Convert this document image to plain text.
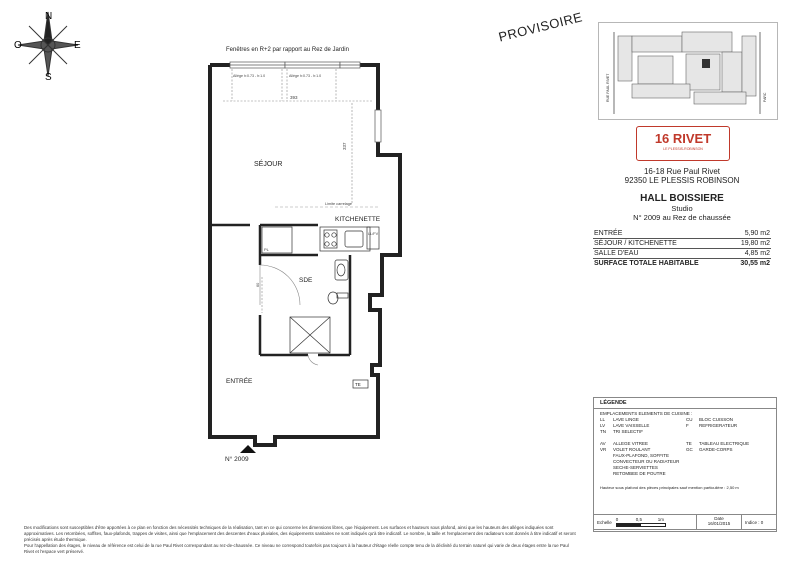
N
E
S
O
PROVISOIRE
Fenêtres en R+2 par rapport au Rez de Jardin
Allège h:0.73 - h:1.0	Allège h:0.73 - h:1.0
393
337
Limite carrelage
LL/FV
PL
60
TE
SÉJOUR
KITCHENETTE
SDE
ENTRÉE
N° 2009
RUE PAUL RIVET	PARC
16 RIVET
LE PLESSIS-ROBINSON
16-18 Rue Paul Rivet
92350 LE PLESSIS ROBINSON
HALL BOISSIERE
Studio
N° 2009 au Rez de chaussée
ENTRÉE	5,90 m2
SÉJOUR / KITCHENETTE	19,80 m2
SALLE D'EAU	4,85 m2
SURFACE TOTALE HABITABLE	30,55 m2
LÉGENDE
EMPLACEMENTS ELEMENTS DE CUISINE :
LL	LAVE LINGE	CU	BLOC CUISSON
LV	LAVE VAISSELLE	F	REFRIGERATEUR
TN	TRI SELECTIF
AV	ALLEGE VITREE	TE	TABLEAU ELECTRIQUE
VR	VOLET ROULANT	GC	GARDE-CORPS
FAUX-PLAFOND, SOFFITE
CONVECTEUR OU RADIATEUR
SECHE-SERVIETTES
RETOMBEE DE POUTRE
Hauteur sous plafond des pièces principales sauf mention particulière : 2,50 m
Echelle 0	0,5	1m	Date
16/01/2015	Indice : 0
Des modifications sont susceptibles d'être apportées à ce plan en fonction des nécessités techniques de la réalisation, tant en ce qui concerne les dimensions libres, que l'équipement. Les surfaces et hauteurs sous plafond, ainsi que les hauteurs des allèges indiquées sont approximatives. Les retombées, soffites, faux-plafonds, trappes de visites, ainsi que l'emplacement des descentes d'eaux pluviales, des équipements sanitaires ne sont indiqués qu'à titre indicatif. Le nombre, la taille et l'emplacement des radiateurs sont donnés à titre indicatif et seront précisés après étude thermique.
Pour l'appellation des étages, le niveau de référence est celui de la rue Paul Rivet correspondant au rez-de-chaussée. Ce niveau ne correspond toutefois pas toujours à la hauteur d'étage réelle compte tenu de la déclivité du terrain naturel qui varie de deux étages entre la rue Paul Rivet et l'espace vert préservé.
